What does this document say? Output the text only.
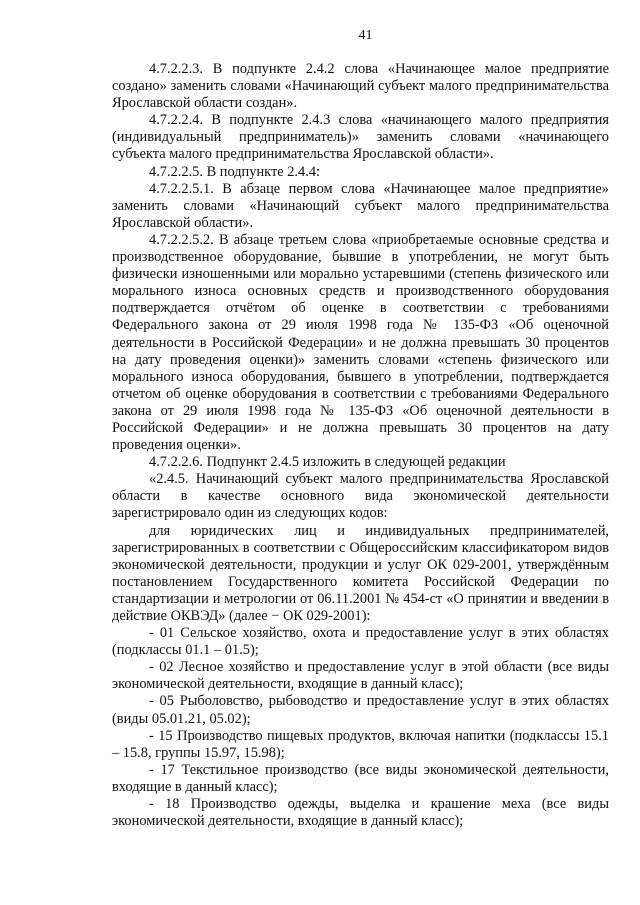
41

4.7.2.2.3. В подпункте 2.4.2 слова «Начинающее малое предприятие создано» заменить словами «Начинающий субъект малого предпринимательства Ярославской области создан».

4.7.2.2.4. В подпункте 2.4.3 слова «начинающего малого предприятия (индивидуальный предприниматель)» заменить словами «начинающего субъекта малого предпринимательства Ярославской области».

4.7.2.2.5. В подпункте 2.4.4:

4.7.2.2.5.1. В абзаце первом слова «Начинающее малое предприятие» заменить словами «Начинающий субъект малого предпринимательства Ярославской области».

4.7.2.2.5.2. В абзаце третьем слова «приобретаемые основные средства и производственное оборудование, бывшие в употреблении, не могут быть физически изношенными или морально устаревшими (степень физического или морального износа основных средств и производственного оборудования подтверждается отчётом об оценке в соответствии с требованиями Федерального закона от 29 июля 1998 года № 135-ФЗ «Об оценочной деятельности в Российской Федерации» и не должна превышать 30 процентов на дату проведения оценки)» заменить словами «степень физического или морального износа оборудования, бывшего в употреблении, подтверждается отчетом об оценке оборудования в соответствии с требованиями Федерального закона от 29 июля 1998 года № 135-ФЗ «Об оценочной деятельности в Российской Федерации» и не должна превышать 30 процентов на дату проведения оценки».

4.7.2.2.6. Подпункт 2.4.5 изложить в следующей редакции

«2.4.5. Начинающий субъект малого предпринимательства Ярославской области в качестве основного вида экономической деятельности зарегистрировало один из следующих кодов:

для юридических лиц и индивидуальных предпринимателей, зарегистрированных в соответствии с Общероссийским классификатором видов экономической деятельности, продукции и услуг ОК 029-2001, утверждённым постановлением Государственного комитета Российской Федерации по стандартизации и метрологии от 06.11.2001 № 454-ст «О принятии и введении в действие ОКВЭД» (далее − ОК 029-2001):

- 01 Сельское хозяйство, охота и предоставление услуг в этих областях (подклассы 01.1 – 01.5);

- 02 Лесное хозяйство и предоставление услуг в этой области (все виды экономической деятельности, входящие в данный класс);

- 05 Рыболовство, рыбоводство и предоставление услуг в этих областях (виды 05.01.21, 05.02);

- 15 Производство пищевых продуктов, включая напитки (подклассы 15.1 – 15.8, группы 15.97, 15.98);

- 17 Текстильное производство (все виды экономической деятельности, входящие в данный класс);

- 18 Производство одежды, выделка и крашение меха (все виды экономической деятельности, входящие в данный класс);
